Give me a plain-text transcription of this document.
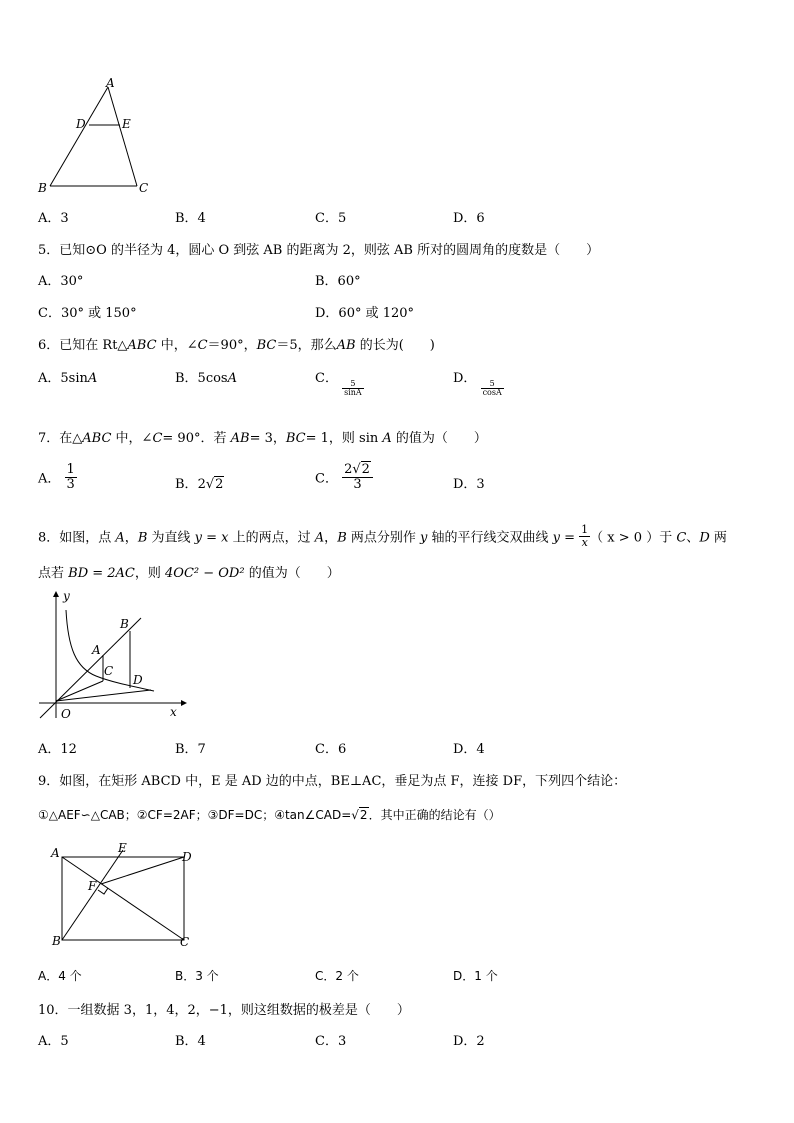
A
D	E
B	C
A．3	B．4	C．5	D．6
5．已知⊙O 的半径为 4，圆心 O 到弦 AB 的距离为 2，则弦 AB 所对的圆周角的度数是（　　）
A．30°	B．60°
C．30° 或 150°	D．60° 或 120°
6．已知在 Rt△ABC 中，∠C＝90°，BC＝5，那么AB 的长为(　　)
A．5sinA	B．5cosA	C．
$\frac{5}{\sin A}$
D．
$\frac{5}{\cos A}$
7．在△ABC 中，∠C= 90°．若 AB= 3，BC= 1，则 sin A 的值为（　　）
A． $\frac{1}{3}$	B．2√2	C． $\frac{2√2}{3}$	D．3
8．如图，点 A，B 为直线 y = x 上的两点，过 A，B 两点分别作 y 轴的平行线交双曲线 $y = \frac{1}{x}$ （ x > 0 ）于 C、D 两
点若 BD = 2AC，则 4OC² − OD² 的值为（　　）
y
B
A
C
D
O	x
A．12	B．7	C．6	D．4
9．如图，在矩形 ABCD 中，E 是 AD 边的中点，BE⊥AC，垂足为点 F，连接 DF，下列四个结论：
①△AEF∽△CAB；②CF=2AF；③DF=DC；④tan∠CAD=√2．其中正确的结论有（）
A	E
D
F
B	C
A．4 个	B．3 个	C．2 个	D．1 个
10．一组数据 3，1，4，2，−1，则这组数据的极差是（　　）
A．5	B．4	C．3	D．2
